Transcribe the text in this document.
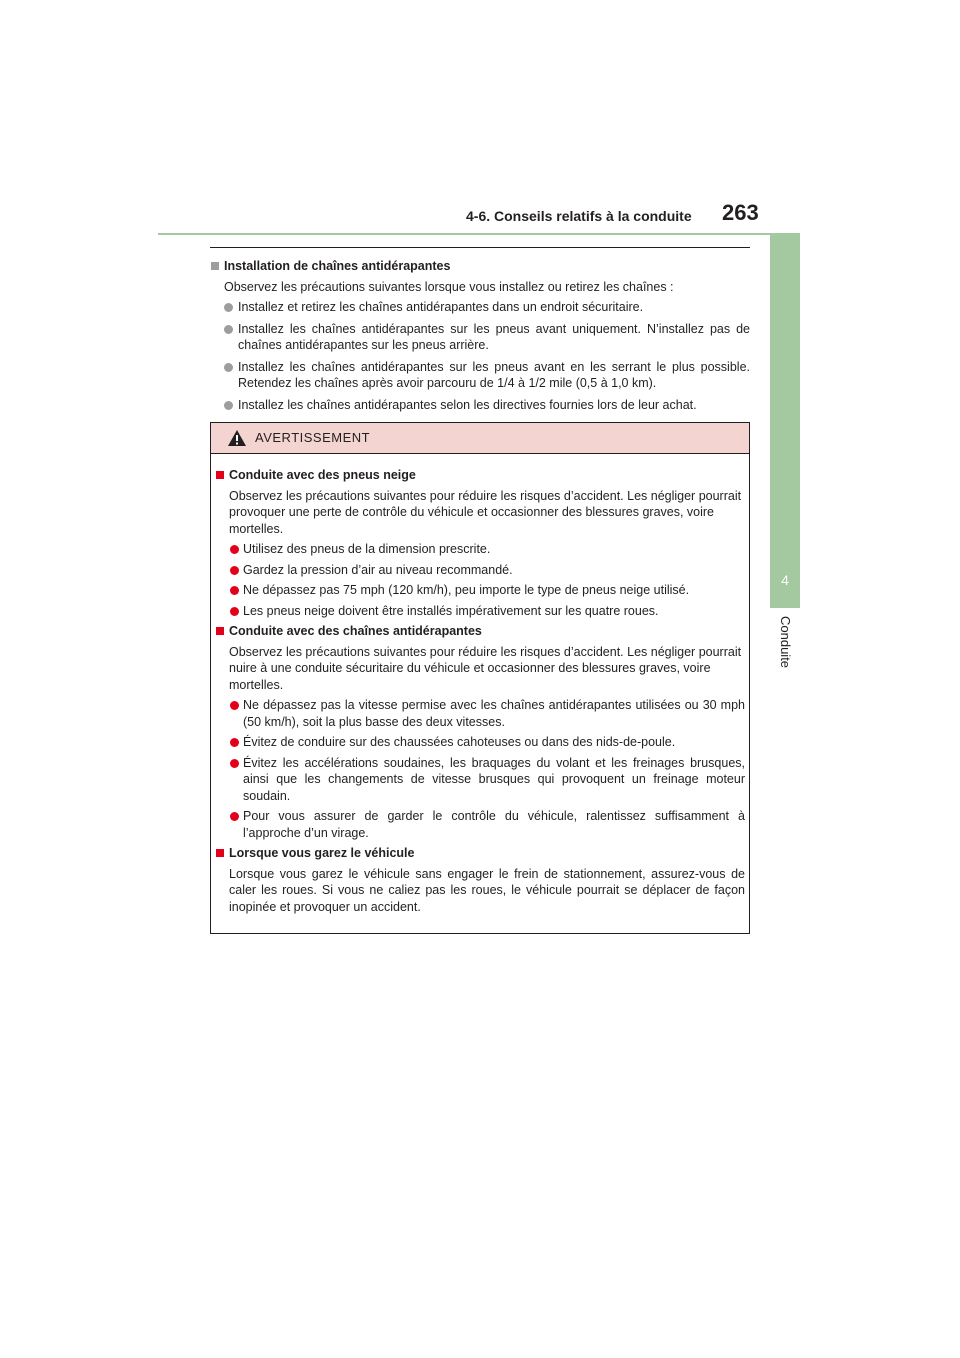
4-6. Conseils relatifs à la conduite 263
4
Conduite
Installation de chaînes antidérapantes
Observez les précautions suivantes lorsque vous installez ou retirez les chaînes :
Installez et retirez les chaînes antidérapantes dans un endroit sécuritaire.
Installez les chaînes antidérapantes sur les pneus avant uniquement. N’installez pas de chaînes antidérapantes sur les pneus arrière.
Installez les chaînes antidérapantes sur les pneus avant en les serrant le plus possible. Retendez les chaînes après avoir parcouru de 1/4 à 1/2 mile (0,5 à 1,0 km).
Installez les chaînes antidérapantes selon les directives fournies lors de leur achat.
AVERTISSEMENT
Conduite avec des pneus neige
Observez les précautions suivantes pour réduire les risques d’accident. Les négliger pourrait provoquer une perte de contrôle du véhicule et occasionner des blessures graves, voire mortelles.
Utilisez des pneus de la dimension prescrite.
Gardez la pression d’air au niveau recommandé.
Ne dépassez pas 75 mph (120 km/h), peu importe le type de pneus neige utilisé.
Les pneus neige doivent être installés impérativement sur les quatre roues.
Conduite avec des chaînes antidérapantes
Observez les précautions suivantes pour réduire les risques d’accident. Les négliger pourrait nuire à une conduite sécuritaire du véhicule et occasionner des blessures graves, voire mortelles.
Ne dépassez pas la vitesse permise avec les chaînes antidérapantes utilisées ou 30 mph (50 km/h), soit la plus basse des deux vitesses.
Évitez de conduire sur des chaussées cahoteuses ou dans des nids-de-poule.
Évitez les accélérations soudaines, les braquages du volant et les freinages brusques, ainsi que les changements de vitesse brusques qui provoquent un freinage moteur soudain.
Pour vous assurer de garder le contrôle du véhicule, ralentissez suffisamment à l’approche d’un virage.
Lorsque vous garez le véhicule
Lorsque vous garez le véhicule sans engager le frein de stationnement, assurez-vous de caler les roues. Si vous ne caliez pas les roues, le véhicule pourrait se déplacer de façon inopinée et provoquer un accident.
